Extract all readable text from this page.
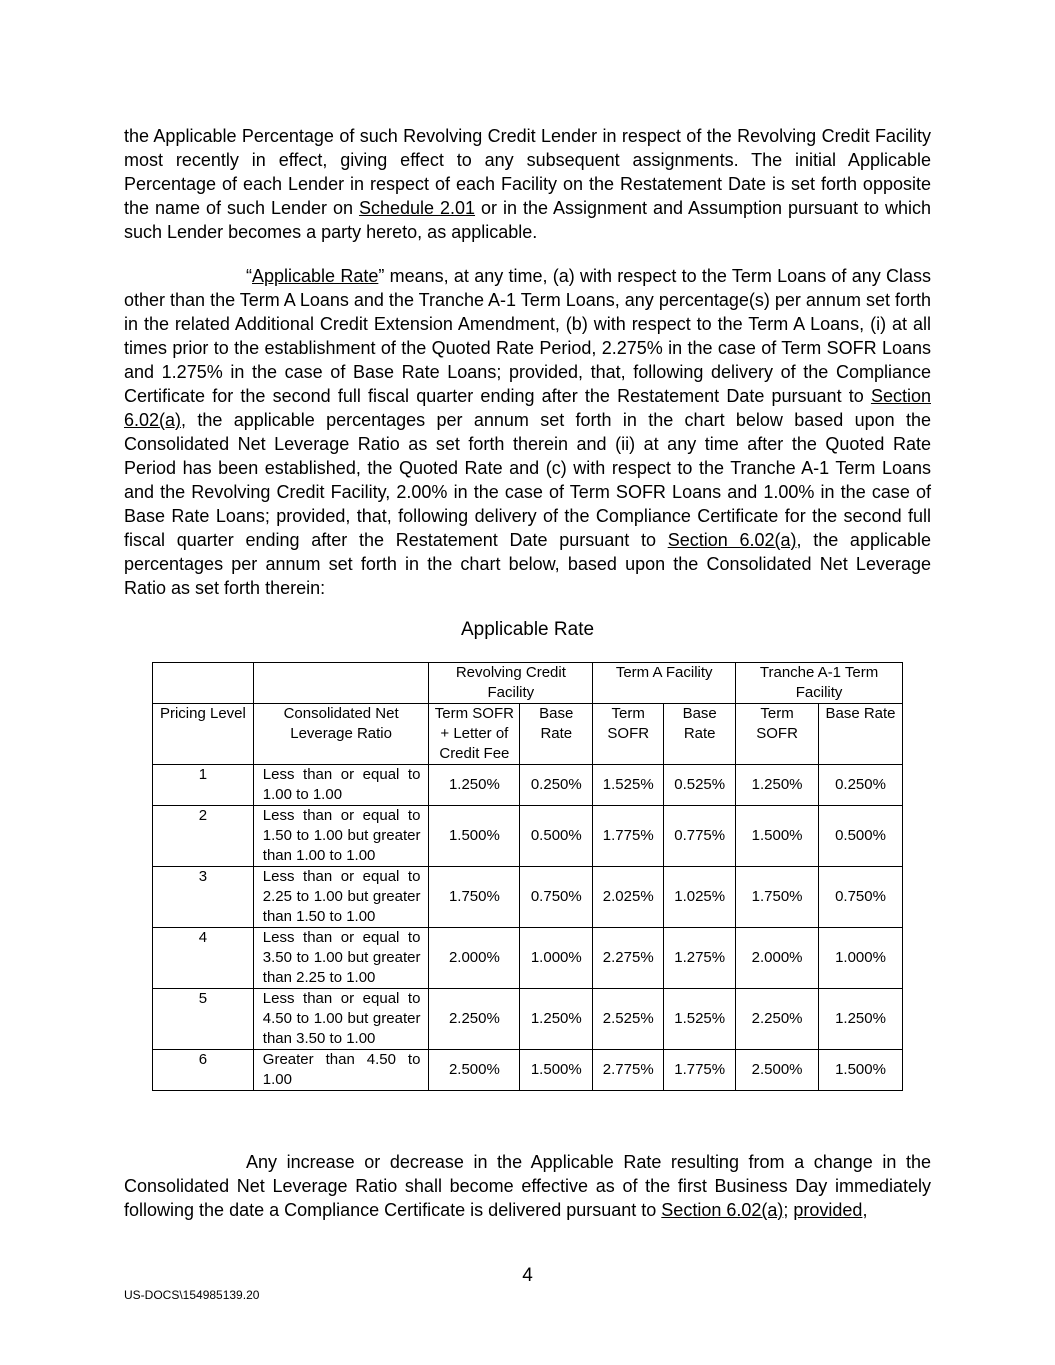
the Applicable Percentage of such Revolving Credit Lender in respect of the Revolving Credit Facility most recently in effect, giving effect to any subsequent assignments. The initial Applicable Percentage of each Lender in respect of each Facility on the Restatement Date is set forth opposite the name of such Lender on Schedule 2.01 or in the Assignment and Assumption pursuant to which such Lender becomes a party hereto, as applicable.

“Applicable Rate” means, at any time, (a) with respect to the Term Loans of any Class other than the Term A Loans and the Tranche A-1 Term Loans, any percentage(s) per annum set forth in the related Additional Credit Extension Amendment, (b) with respect to the Term A Loans, (i) at all times prior to the establishment of the Quoted Rate Period, 2.275% in the case of Term SOFR Loans and 1.275% in the case of Base Rate Loans; provided, that, following delivery of the Compliance Certificate for the second full fiscal quarter ending after the Restatement Date pursuant to Section 6.02(a), the applicable percentages per annum set forth in the chart below based upon the Consolidated Net Leverage Ratio as set forth therein and (ii) at any time after the Quoted Rate Period has been established, the Quoted Rate and (c) with respect to the Tranche A-1 Term Loans and the Revolving Credit Facility, 2.00% in the case of Term SOFR Loans and 1.00% in the case of Base Rate Loans; provided, that, following delivery of the Compliance Certificate for the second full fiscal quarter ending after the Restatement Date pursuant to Section 6.02(a), the applicable percentages per annum set forth in the chart below, based upon the Consolidated Net Leverage Ratio as set forth therein:

Applicable Rate
		Revolving Credit Facility		Term A Facility		Tranche A-1 Term Facility	
Pricing Level	Consolidated Net Leverage Ratio	Term SOFR + Letter of Credit Fee	Base Rate	Term SOFR	Base Rate	Term SOFR	Base Rate
1	Less than or equal to 1.00 to 1.00	1.250%	0.250%	1.525%	0.525%	1.250%	0.250%
2	Less than or equal to 1.50 to 1.00 but greater than 1.00 to 1.00	1.500%	0.500%	1.775%	0.775%	1.500%	0.500%
3	Less than or equal to 2.25 to 1.00 but greater than 1.50 to 1.00	1.750%	0.750%	2.025%	1.025%	1.750%	0.750%
4	Less than or equal to 3.50 to 1.00 but greater than 2.25 to 1.00	2.000%	1.000%	2.275%	1.275%	2.000%	1.000%
5	Less than or equal to 4.50 to 1.00 but greater than 3.50 to 1.00	2.250%	1.250%	2.525%	1.525%	2.250%	1.250%
6	Greater than 4.50 to 1.00	2.500%	1.500%	2.775%	1.775%	2.500%	1.500%

Any increase or decrease in the Applicable Rate resulting from a change in the Consolidated Net Leverage Ratio shall become effective as of the first Business Day immediately following the date a Compliance Certificate is delivered pursuant to Section 6.02(a); provided,

4
US-DOCS\154985139.20
